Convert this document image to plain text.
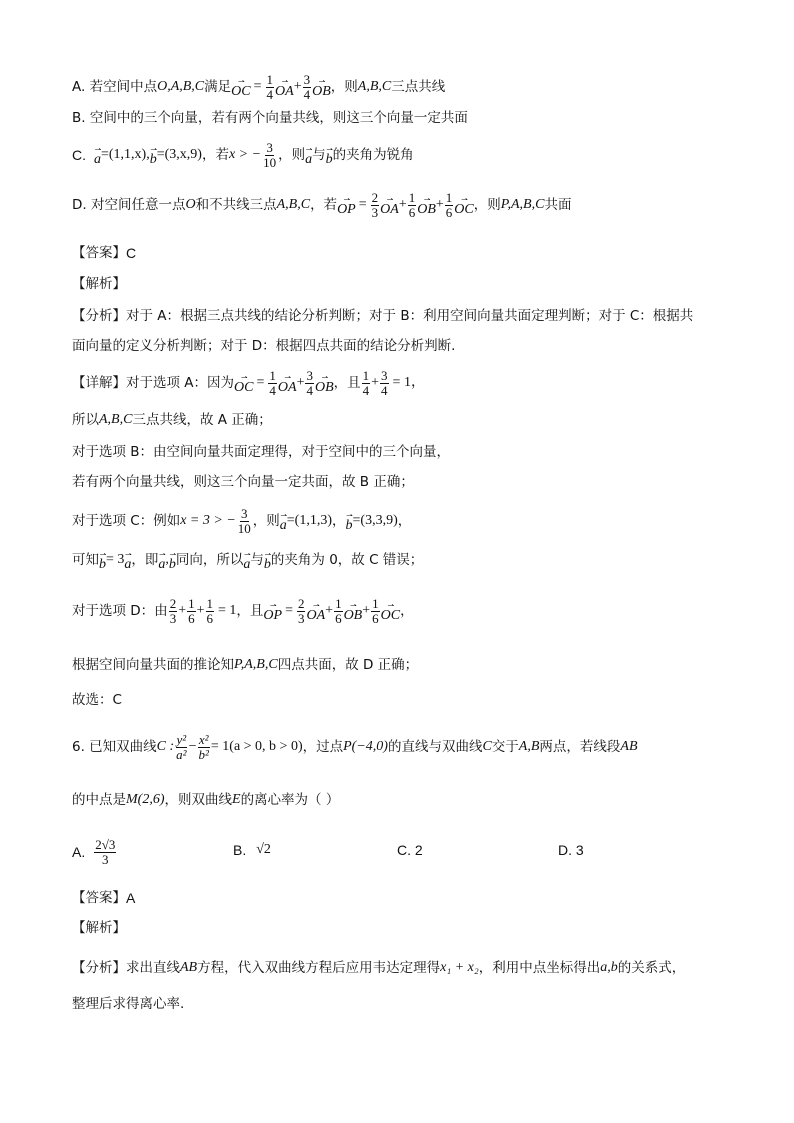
A. 若空间中点 O,A,B,C 满足 ⇀
OC = $\frac{1}{4}$ ⇀
OA + $\frac{3}{4}$ ⇀
OB ，则 A,B,C 三点共线
B. 空间中的三个向量，若有两个向量共线，则这三个向量一定共面
C. ⇀
a =(1,1,x), ⇀
b =(3,x,9) ，若 x > − $\frac{3}{10}$ ，则 ⇀
a 与 ⇀
b 的夹角为锐角
D. 对空间任意一点 O 和不共线三点 A,B,C ，若 ⇀
OP = $\frac{2}{3}$ ⇀
OA + $\frac{1}{6}$ ⇀
OB + $\frac{1}{6}$ ⇀
OC ，则 P,A,B,C 共面
【答案】 C
【解析】
【分析】 对于 A：根据三点共线的结论分析判断；对于 B：利用空间向量共面定理判断；对于 C：根据共
面向量的定义分析判断；对于 D：根据四点共面的结论分析判断.
【详解】 对于选项 A：因为 ⇀
OC = $\frac{1}{4}$ ⇀
OA + $\frac{3}{4}$ ⇀
OB ，且 $\frac{1}{4} + \frac{3}{4} = 1$，
所以 A,B,C 三点共线，故 A 正确；
对于选项 B：由空间向量共面定理得，对于空间中的三个向量，
若有两个向量共线，则这三个向量一定共面，故 B 正确；
对于选项 C：例如 x = 3 > − $\frac{3}{10}$ ，则 ⇀
a =(1,1,3) ， ⇀
b =(3,3,9) ，
可知 ⇀
b = 3 ⇀
a ，即 ⇀
a , ⇀
b 同向，所以 ⇀
a 与 ⇀
b 的夹角为 0，故 C 错误；
对于选项 D：由 $\frac{2}{3} + \frac{1}{6} + \frac{1}{6} = 1$ ，且 ⇀
OP = $\frac{2}{3}$ ⇀
OA + $\frac{1}{6}$ ⇀
OB + $\frac{1}{6}$ ⇀
OC ，
根据空间向量共面的推论知 P,A,B,C 四点共面，故 D 正确；
故选：C
6. 已知双曲线 C : $\frac{\text{y²}}{\text{a²}} - \frac{\text{x²}}{\text{b²}} = 1(a > 0$, b > 0) ，过点 P(−4,0) 的直线与双曲线 C 交于 A,B 两点，若线段 AB
的中点是 M(2,6) ，则双曲线 E 的离心率为（ ）
A. $\frac{2√3}{3}$	B. √2	C. 2	D. 3
【答案】 A
【解析】
【分析】 求出直线 AB 方程，代入双曲线方程后应用韦达定理得 x₁ + x₂ ，利用中点坐标得出 a,b 的关系式，
整理后求得离心率.
